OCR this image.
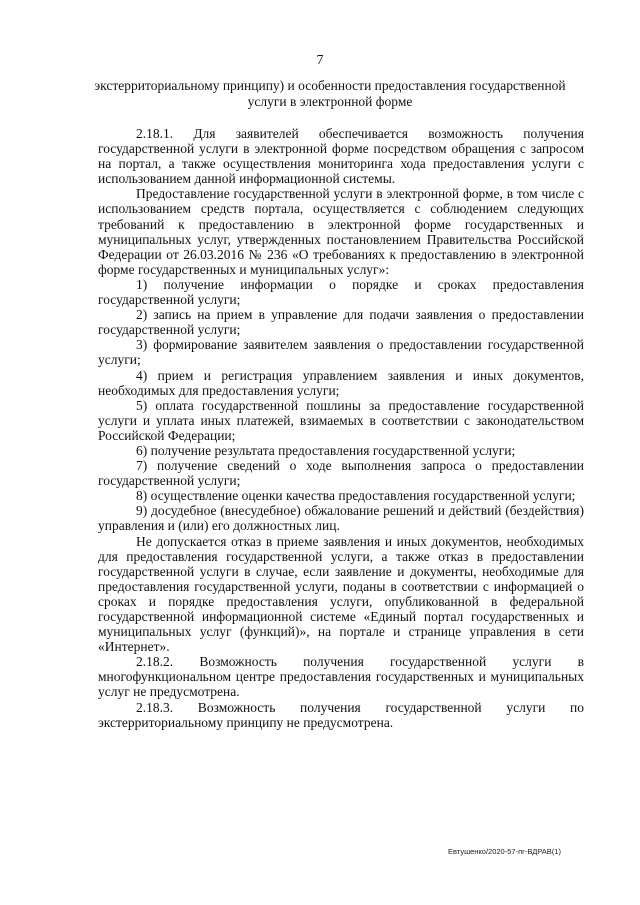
7
экстерриториальному принципу) и особенности предоставления государственной услуги в электронной форме

2.18.1. Для заявителей обеспечивается возможность получения государственной услуги в электронной форме посредством обращения с запросом на портал, а также осуществления мониторинга хода предоставления услуги с использованием данной информационной системы.

Предоставление государственной услуги в электронной форме, в том числе с использованием средств портала, осуществляется с соблюдением следующих требований к предоставлению в электронной форме государственных и муниципальных услуг, утвержденных постановлением Правительства Российской Федерации от 26.03.2016 № 236 «О требованиях к предоставлению в электронной форме государственных и муниципальных услуг»:

1) получение информации о порядке и сроках предоставления государственной услуги;

2) запись на прием в управление для подачи заявления о предоставлении государственной услуги;

3) формирование заявителем заявления о предоставлении государственной услуги;

4) прием и регистрация управлением заявления и иных документов, необходимых для предоставления услуги;

5) оплата государственной пошлины за предоставление государственной услуги и уплата иных платежей, взимаемых в соответствии с законодательством Российской Федерации;

6) получение результата предоставления государственной услуги;

7) получение сведений о ходе выполнения запроса о предоставлении государственной услуги;

8) осуществление оценки качества предоставления государственной услуги;

9) досудебное (внесудебное) обжалование решений и действий (бездействия) управления и (или) его должностных лиц.

Не допускается отказ в приеме заявления и иных документов, необходимых для предоставления государственной услуги, а также отказ в предоставлении государственной услуги в случае, если заявление и документы, необходимые для предоставления государственной услуги, поданы в соответствии с информацией о сроках и порядке предоставления услуги, опубликованной в федеральной государственной информационной системе «Единый портал государственных и муниципальных услуг (функций)», на портале и странице управления в сети «Интернет».

2.18.2. Возможность получения государственной услуги в многофункциональном центре предоставления государственных и муниципальных услуг не предусмотрена.

2.18.3. Возможность получения государственной услуги по экстерриториальному принципу не предусмотрена.

Евтушенко/2020-57-пг-ВДРАВ(1)
